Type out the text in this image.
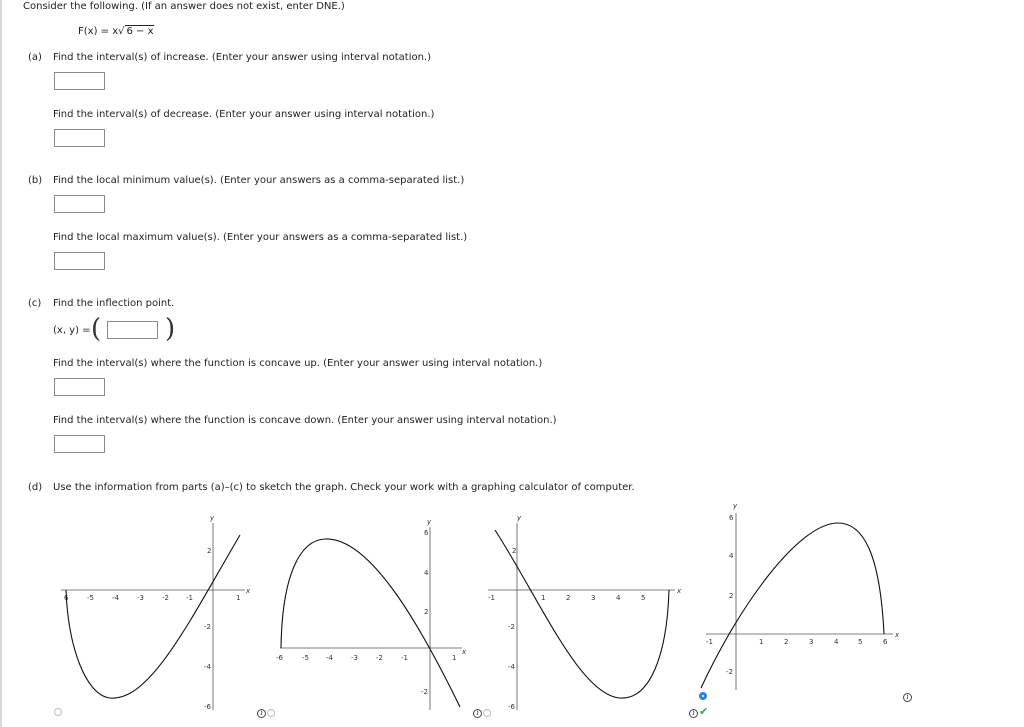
Consider the following. (If an answer does not exist, enter DNE.)
F(x) = x√ 6 − x
(a) Find the interval(s) of increase. (Enter your answer using interval notation.)
Find the interval(s) of decrease. (Enter your answer using interval notation.)
(b) Find the local minimum value(s). (Enter your answers as a comma-separated list.)
Find the local maximum value(s). (Enter your answers as a comma-separated list.)
(c) Find the inflection point.
(x, y) = ( )
Find the interval(s) where the function is concave up. (Enter your answer using interval notation.)
Find the interval(s) where the function is concave down. (Enter your answer using interval notation.)
(d) Use the information from parts (a)–(c) to sketch the graph. Check your work with a graphing calculator of computer.
x
y
6	-5	-4	-3	-2 -1	1
2
-2
-4
-6
x
y
-6	-5 -4	-3	-2	-1	1
6
4
2
-2
x
y
-1	1	2	3	4	5
2
-2
-4
-6
x
y
-1	1	2	3	4	5	6
6
4
2
-2
i	i	i ✔
i
